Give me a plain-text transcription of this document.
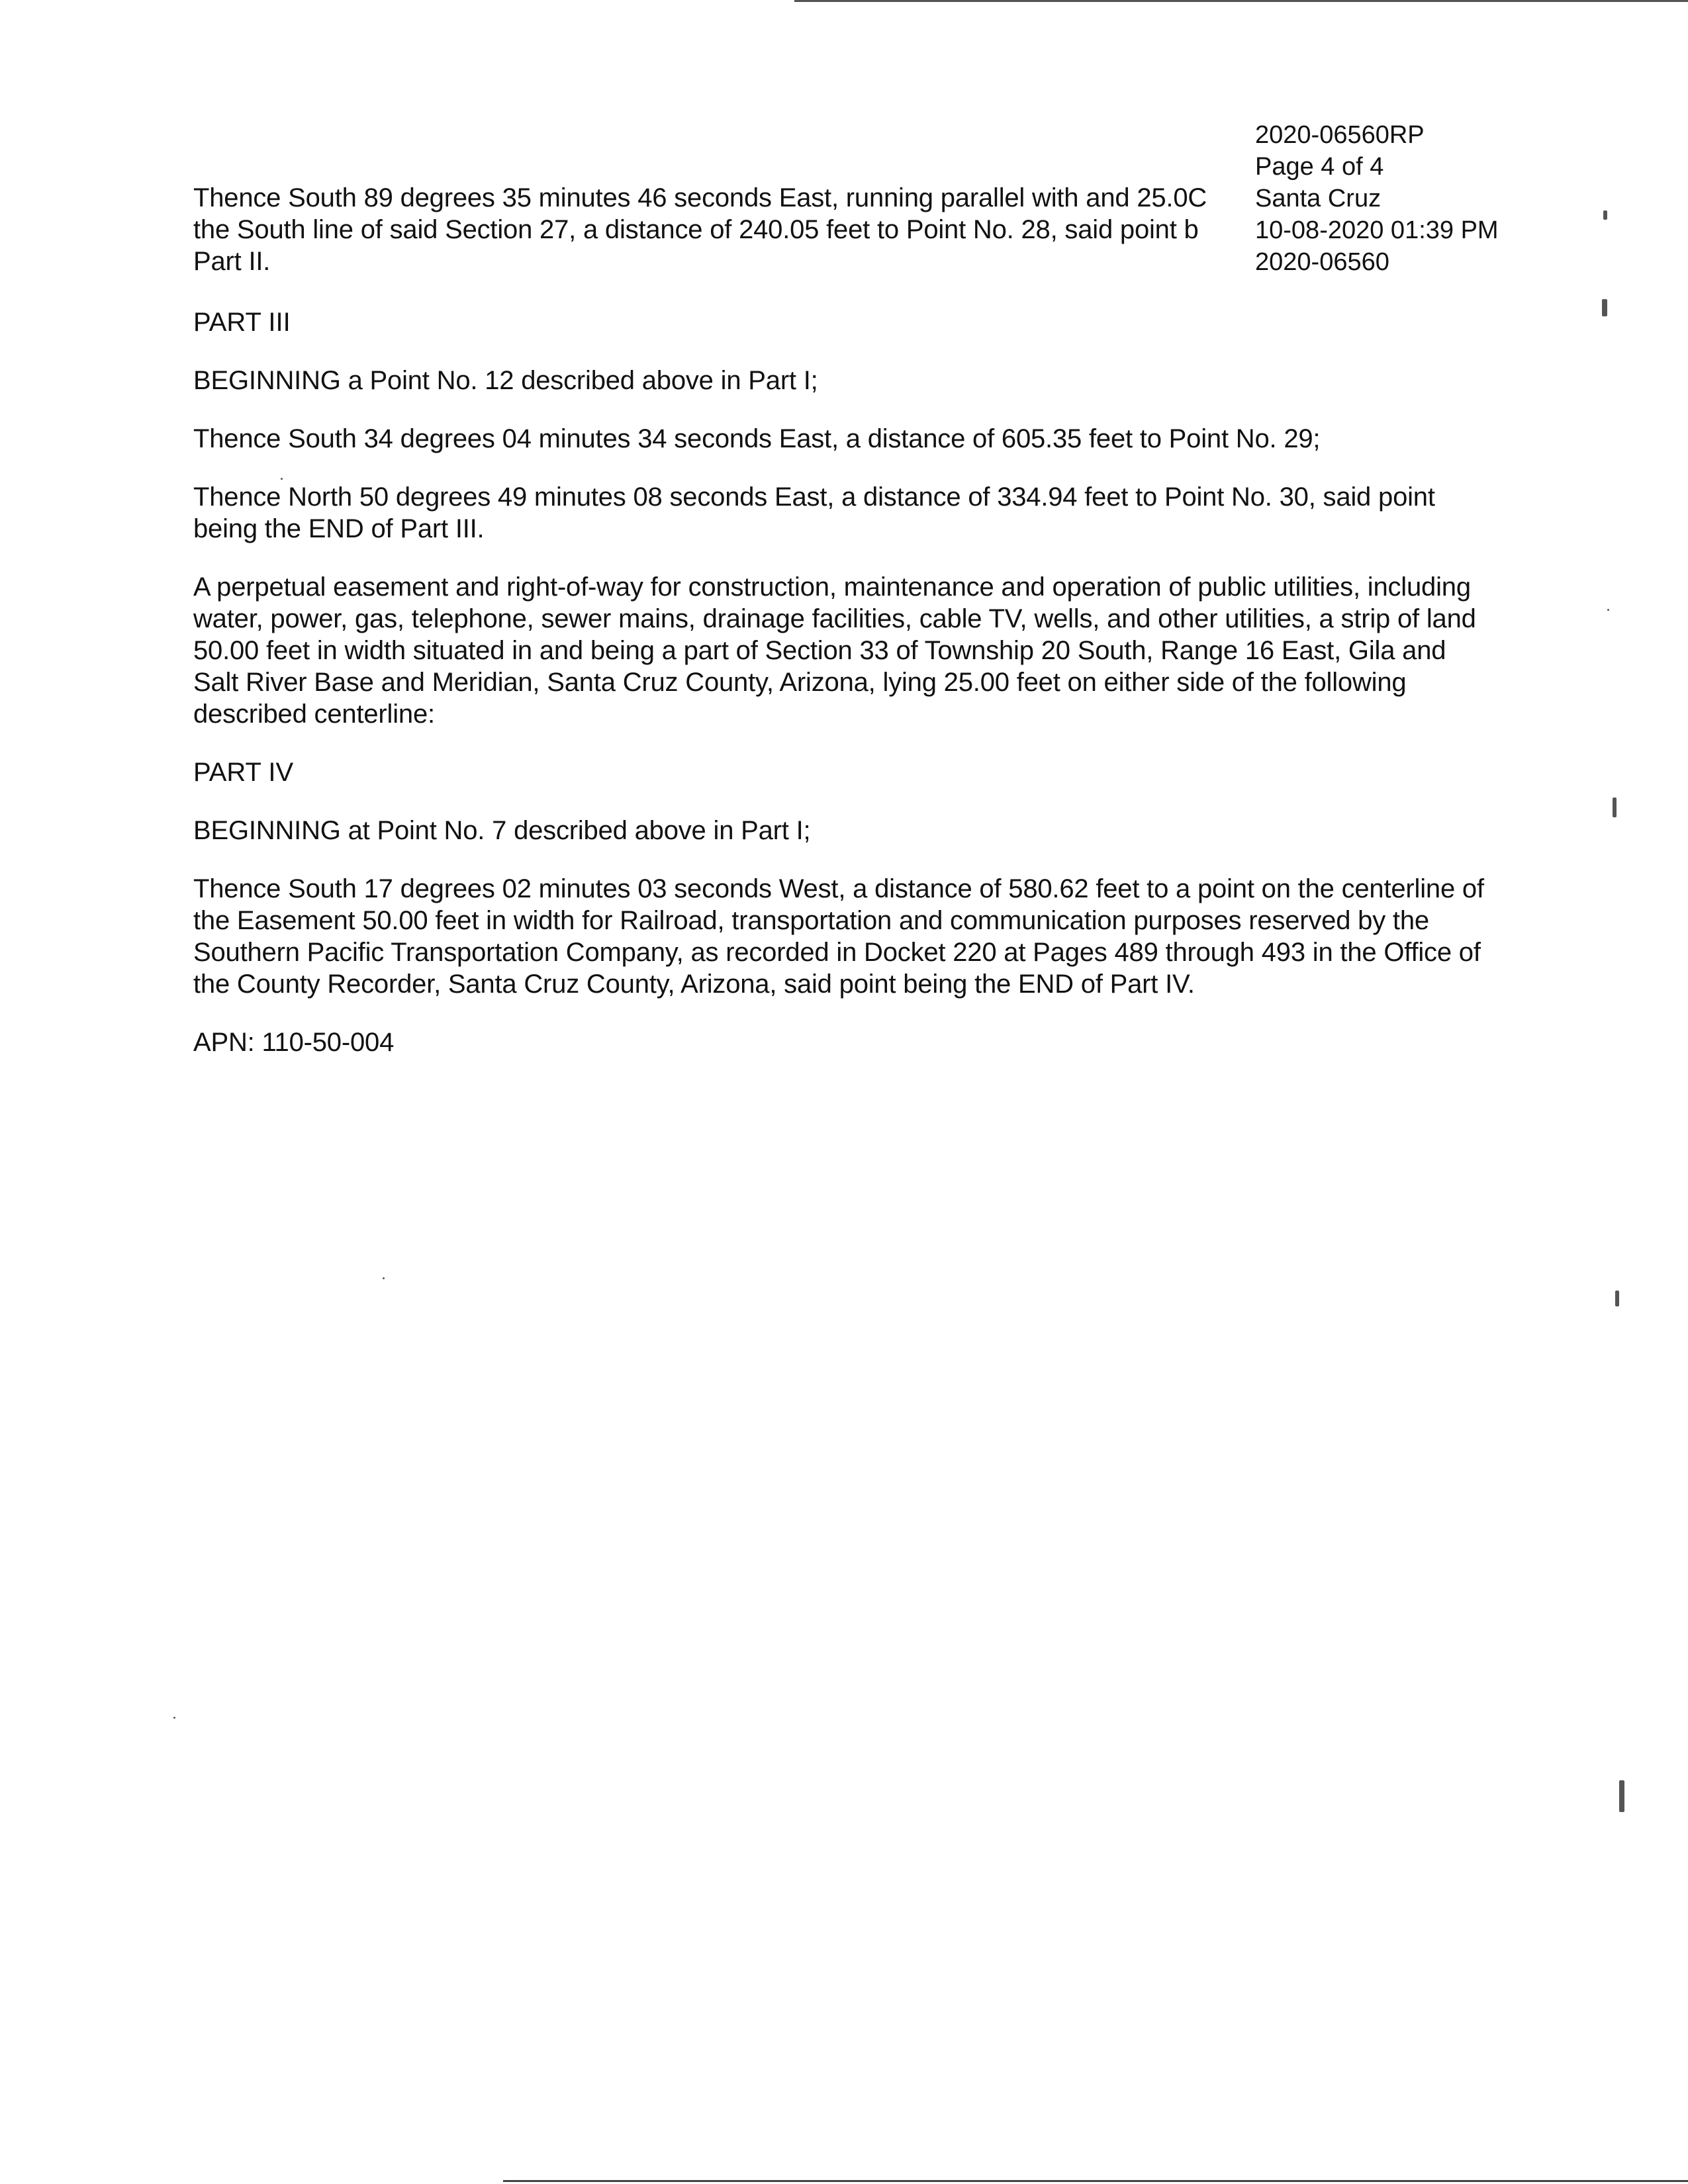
2020-06560RP
Page 4 of 4
Santa Cruz
10-08-2020 01:39 PM
2020-06560

Thence South 89 degrees 35 minutes 46 seconds East, running parallel with and 25.0C
the South line of said Section 27, a distance of 240.05 feet to Point No. 28, said point b
Part II.

PART III

BEGINNING a Point No. 12 described above in Part I;

Thence South 34 degrees 04 minutes 34 seconds East, a distance of 605.35 feet to Point No. 29;

Thence North 50 degrees 49 minutes 08 seconds East, a distance of 334.94 feet to Point No. 30, said point being the END of Part III.

A perpetual easement and right-of-way for construction, maintenance and operation of public utilities, including water, power, gas, telephone, sewer mains, drainage facilities, cable TV, wells, and other utilities, a strip of land 50.00 feet in width situated in and being a part of Section 33 of Township 20 South, Range 16 East, Gila and Salt River Base and Meridian, Santa Cruz County, Arizona, lying 25.00 feet on either side of the following described centerline:

PART IV

BEGINNING at Point No. 7 described above in Part I;

Thence South 17 degrees 02 minutes 03 seconds West, a distance of 580.62 feet to a point on the centerline of the Easement 50.00 feet in width for Railroad, transportation and communication purposes reserved by the Southern Pacific Transportation Company, as recorded in Docket 220 at Pages 489 through 493 in the Office of the County Recorder, Santa Cruz County, Arizona, said point being the END of Part IV.

APN: 110-50-004
